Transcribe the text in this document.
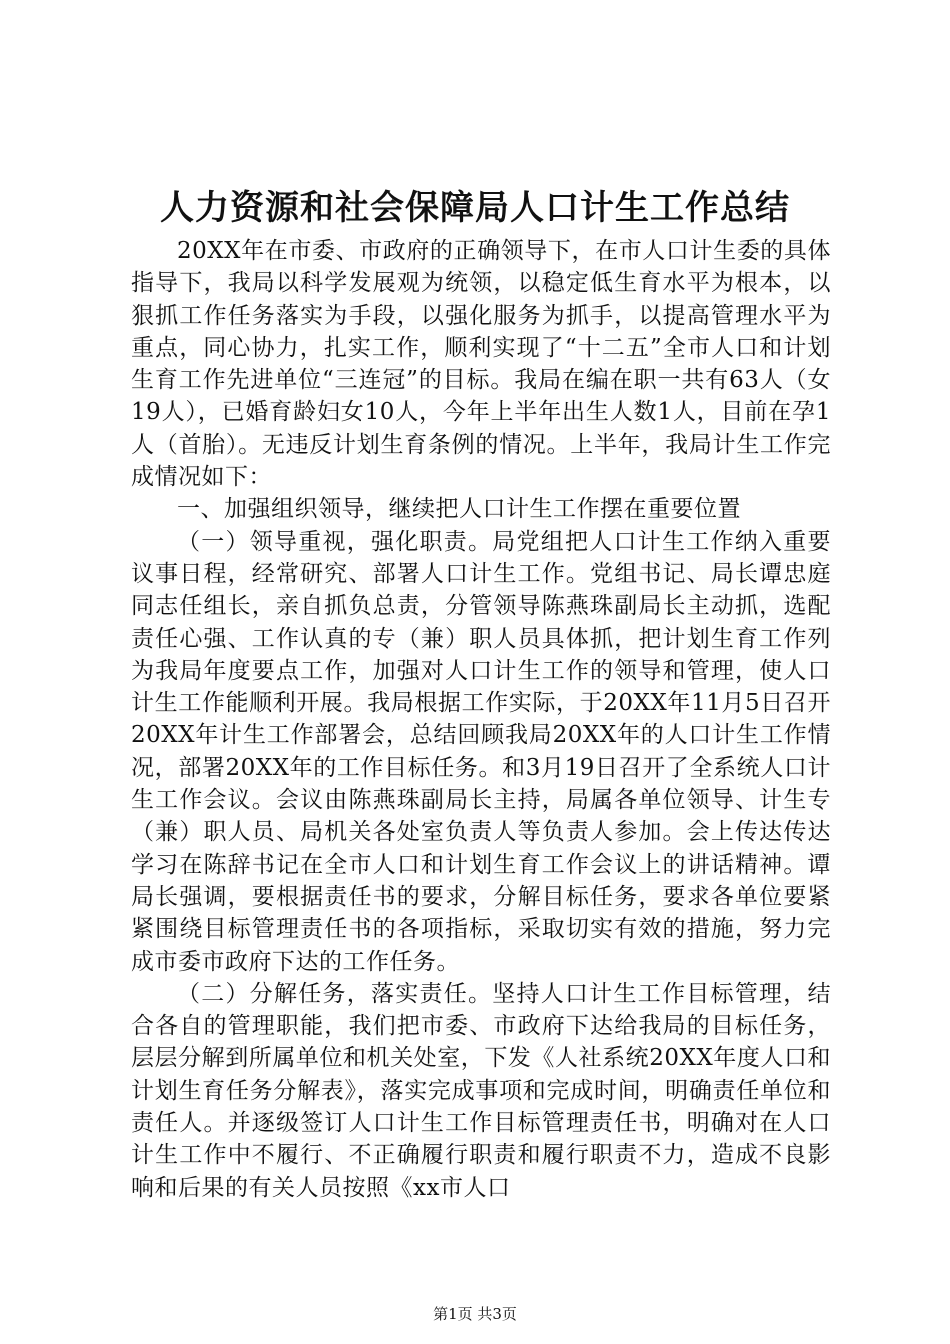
人力资源和社会保障局人口计生工作总结

20XX年在市委、市政府的正确领导下，在市人口计生委的具体指导下，我局以科学发展观为统领，以稳定低生育水平为根本，以狠抓工作任务落实为手段，以强化服务为抓手，以提高管理水平为重点，同心协力，扎实工作，顺利实现了“十二五”全市人口和计划生育工作先进单位“三连冠”的目标。我局在编在职一共有63人（女19人），已婚育龄妇女10人，今年上半年出生人数1人，目前在孕1人（首胎）。无违反计划生育条例的情况。上半年，我局计生工作完成情况如下：

一、加强组织领导，继续把人口计生工作摆在重要位置

（一）领导重视，强化职责。局党组把人口计生工作纳入重要议事日程，经常研究、部署人口计生工作。党组书记、局长谭忠庭同志任组长，亲自抓负总责，分管领导陈燕珠副局长主动抓，选配责任心强、工作认真的专（兼）职人员具体抓，把计划生育工作列为我局年度要点工作，加强对人口计生工作的领导和管理，使人口计生工作能顺利开展。我局根据工作实际，于20XX年11月5日召开20XX年计生工作部署会，总结回顾我局20XX年的人口计生工作情况，部署20XX年的工作目标任务。和3月19日召开了全系统人口计生工作会议。会议由陈燕珠副局长主持，局属各单位领导、计生专（兼）职人员、局机关各处室负责人等负责人参加。会上传达传达学习在陈辞书记在全市人口和计划生育工作会议上的讲话精神。谭局长强调，要根据责任书的要求，分解目标任务，要求各单位要紧紧围绕目标管理责任书的各项指标，采取切实有效的措施，努力完成市委市政府下达的工作任务。

（二）分解任务，落实责任。坚持人口计生工作目标管理，结合各自的管理职能，我们把市委、市政府下达给我局的目标任务，层层分解到所属单位和机关处室，下发《人社系统20XX年度人口和计划生育任务分解表》，落实完成事项和完成时间，明确责任单位和责任人。并逐级签订人口计生工作目标管理责任书，明确对在人口计生工作中不履行、不正确履行职责和履行职责不力，造成不良影响和后果的有关人员按照《xx市人口

第1页 共3页
